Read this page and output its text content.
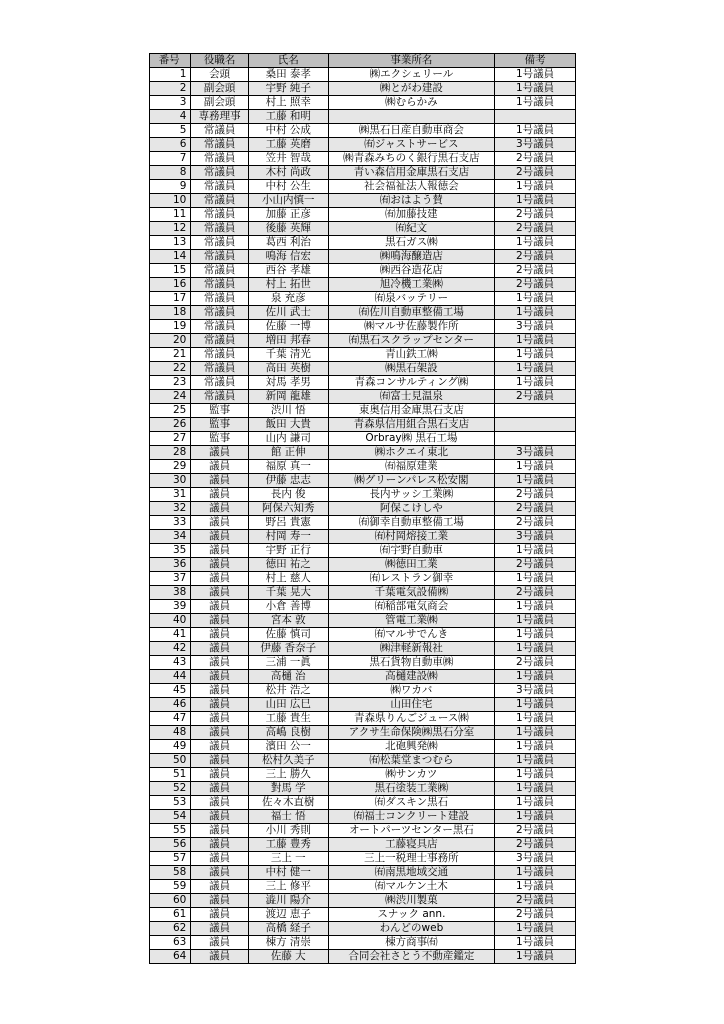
番号	役職名	氏名	事業所名	備考
1	会頭	桑田 泰孝	㈱エクシェリール	1号議員
2	副会頭	宇野 純子	㈱とがわ建設	1号議員
3	副会頭	村上 照幸	㈱むらかみ	1号議員
4	専務理事	工藤 和明		
5	常議員	中村 公成	㈱黒石日産自動車商会	1号議員
6	常議員	工藤 英磨	㈲ジャストサービス	3号議員
7	常議員	笠井 智哉	㈱青森みちのく銀行黒石支店	2号議員
8	常議員	木村 尚政	青い森信用金庫黒石支店	2号議員
9	常議員	中村 公生	社会福祉法人報徳会	1号議員
10	常議員	小山内慎一	㈲おはよう賛	1号議員
11	常議員	加藤 正彦	㈲加藤技建	2号議員
12	常議員	後藤 英輝	㈲紀文	2号議員
13	常議員	葛西 利治	黒石ガス㈱	1号議員
14	常議員	鳴海 信宏	㈱鳴海醸造店	2号議員
15	常議員	西谷 孝雄	㈱西谷造花店	2号議員
16	常議員	村上 拓世	旭冷機工業㈱	2号議員
17	常議員	泉 充彦	㈲泉バッテリー	1号議員
18	常議員	佐川 武士	㈲佐川自動車整備工場	1号議員
19	常議員	佐藤 一博	㈱マルサ佐藤製作所	3号議員
20	常議員	増田 邦春	㈲黒石スクラップセンター	1号議員
21	常議員	千葉 清光	青山鉄工㈱	1号議員
22	常議員	高田 英樹	㈱黒石架設	1号議員
23	常議員	対馬 孝男	青森コンサルティング㈱	1号議員
24	常議員	新岡 龍雄	㈲富士見温泉	2号議員
25	監事	渋川 悟	東奥信用金庫黒石支店	
26	監事	飯田 大貴	青森県信用組合黒石支店	
27	監事	山内 謙司	Orbray㈱ 黒石工場	
28	議員	館 正伸	㈱ホクエイ東北	3号議員
29	議員	福原 真一	㈲福原建業	1号議員
30	議員	伊藤 忠志	㈱グリーンパレス松安閣	1号議員
31	議員	長内 俊	長内サッシ工業㈱	2号議員
32	議員	阿保六知秀	阿保こけしや	2号議員
33	議員	野呂 貴憲	㈲御幸自動車整備工場	2号議員
34	議員	村岡 寿一	㈲村岡熔接工業	3号議員
35	議員	宇野 正行	㈲宇野自動車	1号議員
36	議員	徳田 祐之	㈱徳田工業	2号議員
37	議員	村上 慈人	㈲レストラン御幸	1号議員
38	議員	千葉 晃大	千葉電気設備㈱	2号議員
39	議員	小倉 善博	㈲稲部電気商会	1号議員
40	議員	宮本 敦	管電工業㈱	1号議員
41	議員	佐藤 慎司	㈲マルサでんき	1号議員
42	議員	伊藤 香奈子	㈱津軽新報社	1号議員
43	議員	三浦 一眞	黒石貨物自動車㈱	2号議員
44	議員	高樋 治	高樋建設㈱	1号議員
45	議員	松井 浩之	㈱ワカバ	3号議員
46	議員	山田 広巳	山田住宅	1号議員
47	議員	工藤 貴生	青森県りんごジュース㈱	1号議員
48	議員	高嶋 良樹	アクサ生命保険㈱黒石分室	1号議員
49	議員	濱田 公一	北砲興発㈱	1号議員
50	議員	松村久美子	㈲松葉堂まつむら	1号議員
51	議員	三上 勝久	㈱サンカツ	1号議員
52	議員	對馬 学	黒石塗装工業㈱	1号議員
53	議員	佐々木直樹	㈲ダスキン黒石	1号議員
54	議員	福士 悟	㈲福士コンクリート建設	1号議員
55	議員	小川 秀則	オートパーツセンター黒石	2号議員
56	議員	工藤 豊秀	工藤寝具店	2号議員
57	議員	三上 一	三上一税理士事務所	3号議員
58	議員	中村 健一	㈲南黒地域交通	1号議員
59	議員	三上 修平	㈲マルケン土木	1号議員
60	議員	澁川 陽介	㈱渋川製菓	2号議員
61	議員	渡辺 恵子	スナック ann.	2号議員
62	議員	高橋 経子	わんどのweb	1号議員
63	議員	棟方 清崇	棟方商事㈲	1号議員
64	議員	佐藤 大	合同会社さとう不動産鑑定	1号議員
